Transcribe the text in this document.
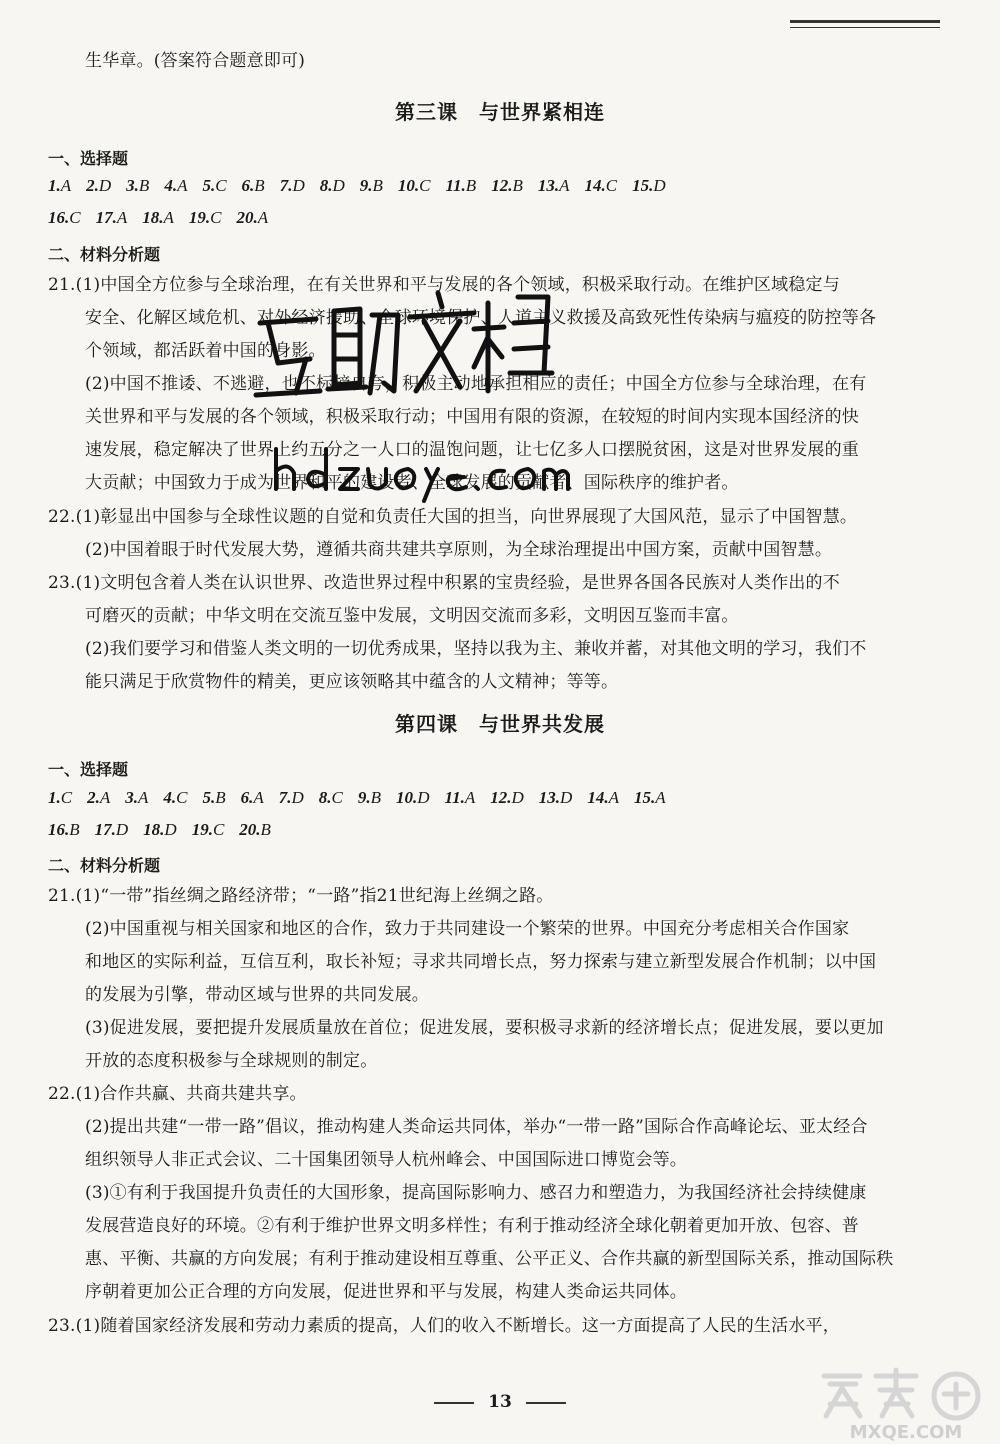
生华章。(答案符合题意即可)
第三课　与世界紧相连
一、选择题
1.A 2.D 3.B 4.A 5.C 6.B 7.D 8.D 9.B 10.C 11.B 12.B 13.A 14.C 15.D
16.C 17.A 18.A 19.C 20.A
二、材料分析题
21.(1)中国全方位参与全球治理，在有关世界和平与发展的各个领域，积极采取行动。在维护区域稳定与
安全、化解区域危机、对外经济援助、全球环境保护、人道主义救援及高致死性传染病与瘟疫的防控等各
个领域，都活跃着中国的身影。
(2)中国不推诿、不逃避，也不标榜自夸，积极主动地承担相应的责任；中国全方位参与全球治理，在有
关世界和平与发展的各个领域，积极采取行动；中国用有限的资源，在较短的时间内实现本国经济的快
速发展，稳定解决了世界上约五分之一人口的温饱问题，让七亿多人口摆脱贫困，这是对世界发展的重
大贡献；中国致力于成为世界和平的建设者、全球发展的贡献者、国际秩序的维护者。
22.(1)彰显出中国参与全球性议题的自觉和负责任大国的担当，向世界展现了大国风范，显示了中国智慧。
(2)中国着眼于时代发展大势，遵循共商共建共享原则，为全球治理提出中国方案，贡献中国智慧。
23.(1)文明包含着人类在认识世界、改造世界过程中积累的宝贵经验，是世界各国各民族对人类作出的不
可磨灭的贡献；中华文明在交流互鉴中发展，文明因交流而多彩，文明因互鉴而丰富。
(2)我们要学习和借鉴人类文明的一切优秀成果，坚持以我为主、兼收并蓄，对其他文明的学习，我们不
能只满足于欣赏物件的精美，更应该领略其中蕴含的人文精神；等等。
第四课　与世界共发展
一、选择题
1.C 2.A 3.A 4.C 5.B 6.A 7.D 8.C 9.B 10.D 11.A 12.D 13.D 14.A 15.A
16.B 17.D 18.D 19.C 20.B
二、材料分析题
21.(1)“一带”指丝绸之路经济带；“一路”指21世纪海上丝绸之路。
(2)中国重视与相关国家和地区的合作，致力于共同建设一个繁荣的世界。中国充分考虑相关合作国家
和地区的实际利益，互信互利，取长补短；寻求共同增长点，努力探索与建立新型发展合作机制；以中国
的发展为引擎，带动区域与世界的共同发展。
(3)促进发展，要把提升发展质量放在首位；促进发展，要积极寻求新的经济增长点；促进发展，要以更加
开放的态度积极参与全球规则的制定。
22.(1)合作共赢、共商共建共享。
(2)提出共建“一带一路”倡议，推动构建人类命运共同体，举办“一带一路”国际合作高峰论坛、亚太经合
组织领导人非正式会议、二十国集团领导人杭州峰会、中国国际进口博览会等。
(3)①有利于我国提升负责任的大国形象，提高国际影响力、感召力和塑造力，为我国经济社会持续健康
发展营造良好的环境。②有利于维护世界文明多样性；有利于推动经济全球化朝着更加开放、包容、普
惠、平衡、共赢的方向发展；有利于推动建设相互尊重、公平正义、合作共赢的新型国际关系，推动国际秩
序朝着更加公正合理的方向发展，促进世界和平与发展，构建人类命运共同体。
23.(1)随着国家经济发展和劳动力素质的提高，人们的收入不断增长。这一方面提高了人民的生活水平，
13
MXQE.COM
